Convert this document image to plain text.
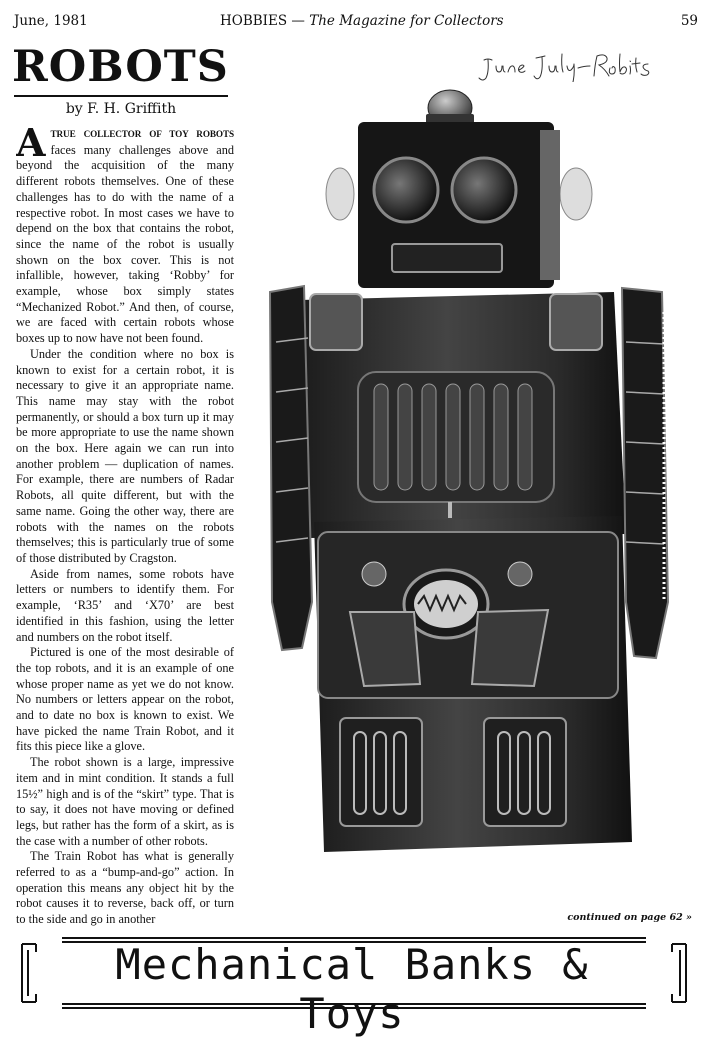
June, 1981	HOBBIES — The Magazine for Collectors	59
ROBOTS
by F. H. Griffith

ATRUE COLLECTOR OF TOY ROBOTS faces many challenges above and beyond the acquisition of the many different robots themselves. One of these challenges has to do with the name of a respective robot. In most cases we have to depend on the box that contains the robot, since the name of the robot is usually shown on the box cover. This is not infallible, however, taking ‘Robby’ for example, whose box simply states “Mechanized Robot.” And then, of course, we are faced with certain robots whose boxes up to now have not been found.

Under the condition where no box is known to exist for a certain robot, it is necessary to give it an appropriate name. This name may stay with the robot permanently, or should a box turn up it may be more appropriate to use the name shown on the box. Here again we can run into another problem — duplication of names. For example, there are numbers of Radar Robots, all quite different, but with the same name. Going the other way, there are robots with the names on the robots themselves; this is particularly true of some of those distributed by Cragston.

Aside from names, some robots have letters or numbers to identify them. For example, ‘R35’ and ‘X70’ are best identified in this fashion, using the letter and numbers on the robot itself.

Pictured is one of the most desirable of the top robots, and it is an example of one whose proper name as yet we do not know. No numbers or letters appear on the robot, and to date no box is known to exist. We have picked the name Train Robot, and it fits this piece like a glove.

The robot shown is a large, impressive item and in mint condition. It stands a full 15½” high and is of the “skirt” type. That is to say, it does not have moving or defined legs, but rather has the form of a skirt, as is the case with a number of other robots.

The Train Robot has what is generally referred to as a “bump-and-go” action. In operation this means any object hit by the robot causes it to reverse, back off, or turn to the side and go in another	continued on page 62 »
Mechanical Banks & Toys
